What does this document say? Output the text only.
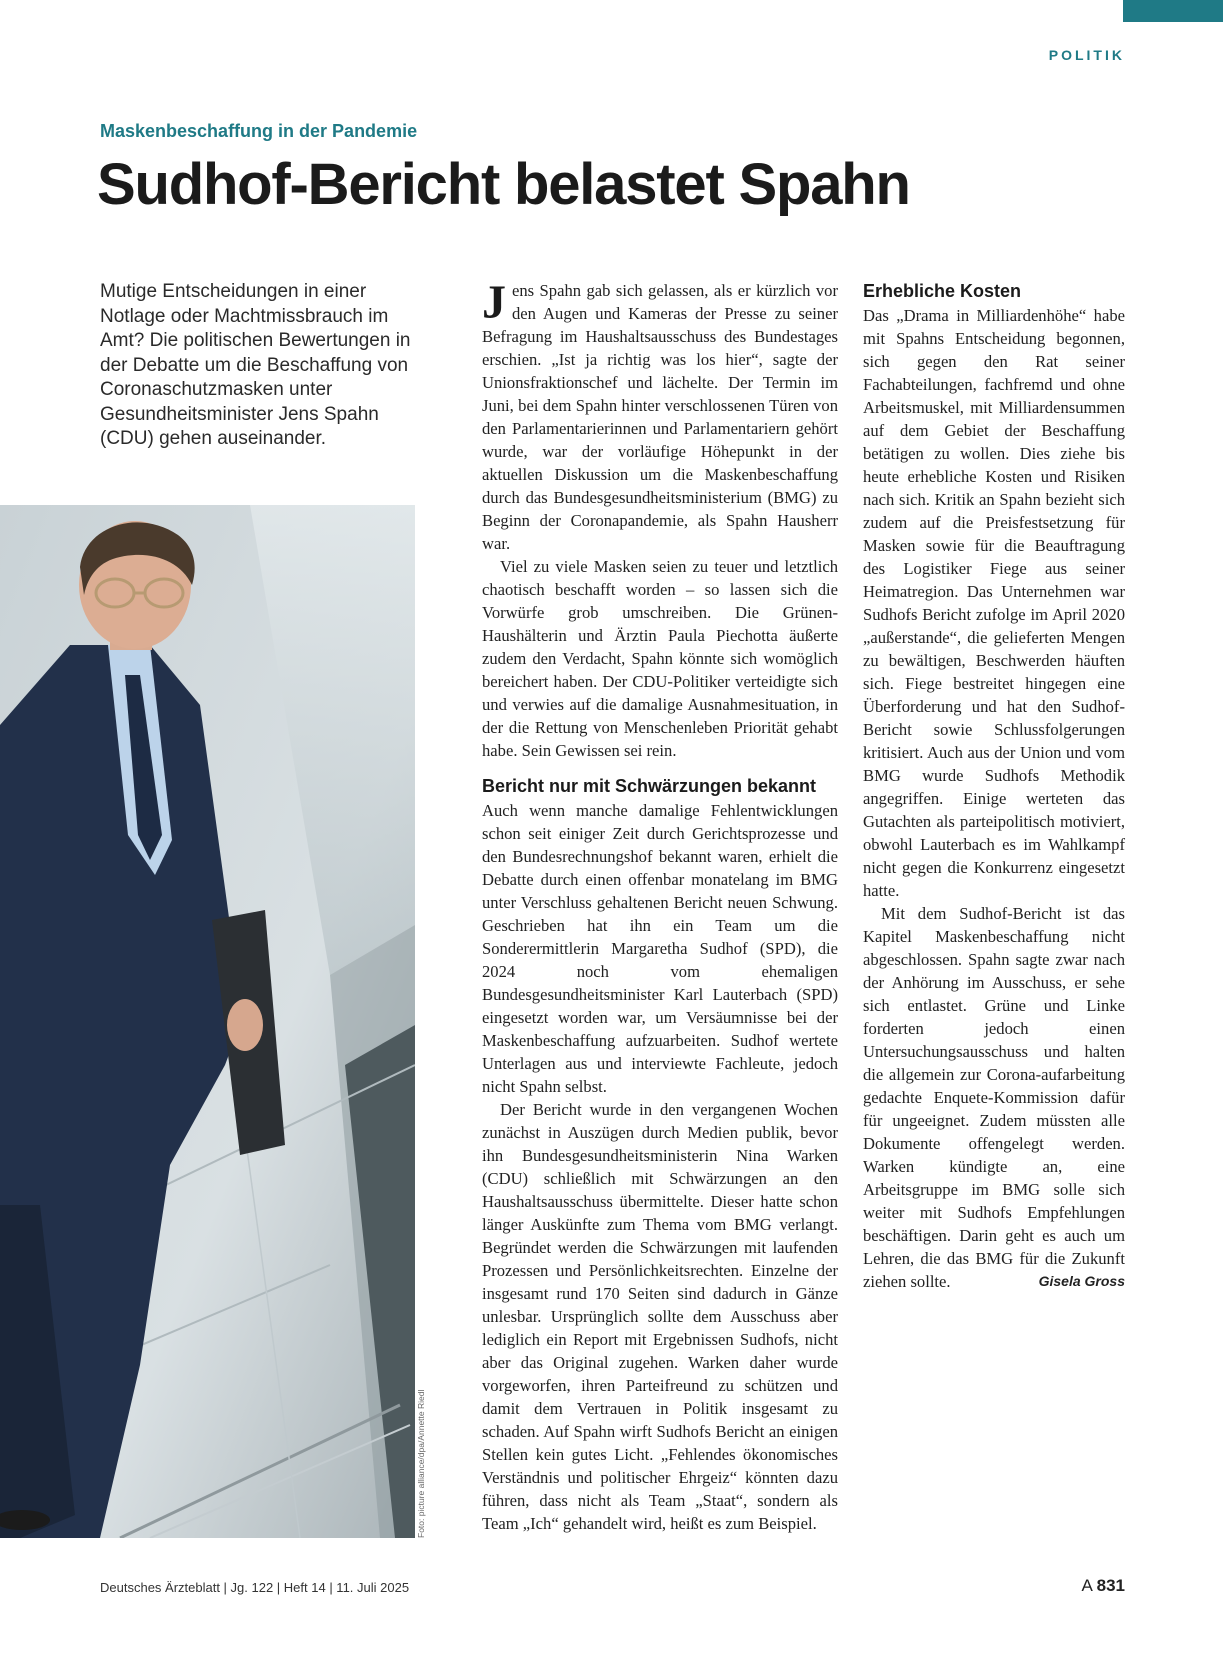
POLITIK
Maskenbeschaffung in der Pandemie
Sudhof-Bericht belastet Spahn

Mutige Entscheidungen in einer Notlage oder Machtmissbrauch im Amt? Die politischen Bewertungen in der Debatte um die Beschaffung von Coronaschutzmasken unter Gesundheitsminister Jens Spahn (CDU) gehen auseinander.

Foto: picture alliance/dpa/Annette Riedl

Jens Spahn gab sich gelassen, als er kürzlich vor den Augen und Kameras der Presse zu seiner Befragung im Haushaltsausschuss des Bundestages erschien. „Ist ja richtig was los hier“, sagte der Unionsfraktionschef und lächelte. Der Termin im Juni, bei dem Spahn hinter verschlossenen Türen von den Parlamentarierinnen und Parlamentariern gehört wurde, war der vorläufige Höhepunkt in der aktuellen Diskussion um die Maskenbeschaffung durch das Bundesgesundheitsministerium (BMG) zu Beginn der Coronapandemie, als Spahn Hausherr war.

Viel zu viele Masken seien zu teuer und letztlich chaotisch beschafft worden – so lassen sich die Vorwürfe grob umschreiben. Die Grünen-Haushälterin und Ärztin Paula Piechotta äußerte zudem den Verdacht, Spahn könnte sich womöglich bereichert haben. Der CDU-Politiker verteidigte sich und verwies auf die damalige Ausnahmesituation, in der die Rettung von Menschenleben Priorität gehabt habe. Sein Gewissen sei rein.

Bericht nur mit Schwärzungen bekannt

Auch wenn manche damalige Fehlentwicklungen schon seit einiger Zeit durch Gerichtsprozesse und den Bundesrechnungshof bekannt waren, erhielt die Debatte durch einen offenbar monatelang im BMG unter Verschluss gehaltenen Bericht neuen Schwung. Geschrieben hat ihn ein Team um die Sonderermittlerin Margaretha Sudhof (SPD), die 2024 noch vom ehemaligen Bundesgesundheitsminister Karl Lauterbach (SPD) eingesetzt worden war, um Versäumnisse bei der Maskenbeschaffung aufzuarbeiten. Sudhof wertete Unterlagen aus und interviewte Fachleute, jedoch nicht Spahn selbst.

Der Bericht wurde in den vergangenen Wochen zunächst in Auszügen durch Medien publik, bevor ihn Bundesgesundheitsministerin Nina Warken (CDU) schließlich mit Schwärzungen an den Haushaltsausschuss übermittelte. Dieser hatte schon länger Auskünfte zum Thema vom BMG verlangt. Begründet werden die Schwärzungen mit laufenden Prozessen und Persönlichkeitsrechten. Einzelne der insgesamt rund 170 Seiten sind dadurch in Gänze unlesbar. Ursprünglich sollte dem Ausschuss aber lediglich ein Report mit Ergebnissen Sudhofs, nicht aber das Original zugehen. Warken daher wurde vorgeworfen, ihren Parteifreund zu schützen und damit dem Vertrauen in Politik insgesamt zu schaden. Auf Spahn wirft Sudhofs Bericht an einigen Stellen kein gutes Licht. „Fehlendes ökonomisches Verständnis und politischer Ehrgeiz“ könnten dazu führen, dass nicht als Team „Staat“, sondern als Team „Ich“ gehandelt wird, heißt es zum Beispiel.

Erhebliche Kosten

Das „Drama in Milliardenhöhe“ habe mit Spahns Entscheidung begonnen, sich gegen den Rat seiner Fachabteilungen, fachfremd und ohne Arbeitsmuskel, mit Milliardensummen auf dem Gebiet der Beschaffung betätigen zu wollen. Dies ziehe bis heute erhebliche Kosten und Risiken nach sich. Kritik an Spahn bezieht sich zudem auf die Preisfestsetzung für Masken sowie für die Beauftragung des Logistiker Fiege aus seiner Heimatregion. Das Unternehmen war Sudhofs Bericht zufolge im April 2020 „außerstande“, die gelieferten Mengen zu bewältigen, Beschwerden häuften sich. Fiege bestreitet hingegen eine Überforderung und hat den Sudhof-Bericht sowie Schlussfolgerungen kritisiert. Auch aus der Union und vom BMG wurde Sudhofs Methodik angegriffen. Einige werteten das Gutachten als parteipolitisch motiviert, obwohl Lauterbach es im Wahlkampf nicht gegen die Konkurrenz eingesetzt hatte.

Mit dem Sudhof-Bericht ist das Kapitel Maskenbeschaffung nicht abgeschlossen. Spahn sagte zwar nach der Anhörung im Ausschuss, er sehe sich entlastet. Grüne und Linke forderten jedoch einen Untersuchungsausschuss und halten die allgemein zur Corona-aufarbeitung gedachte Enquete-Kommission dafür für ungeeignet. Zudem müssten alle Dokumente offengelegt werden. Warken kündigte an, eine Arbeitsgruppe im BMG solle sich weiter mit Sudhofs Empfehlungen beschäftigen. Darin geht es auch um Lehren, die das BMG für die Zukunft ziehen sollte.	Gisela Gross

Deutsches Ärzteblatt | Jg. 122 | Heft 14 | 11. Juli 2025	A 831
